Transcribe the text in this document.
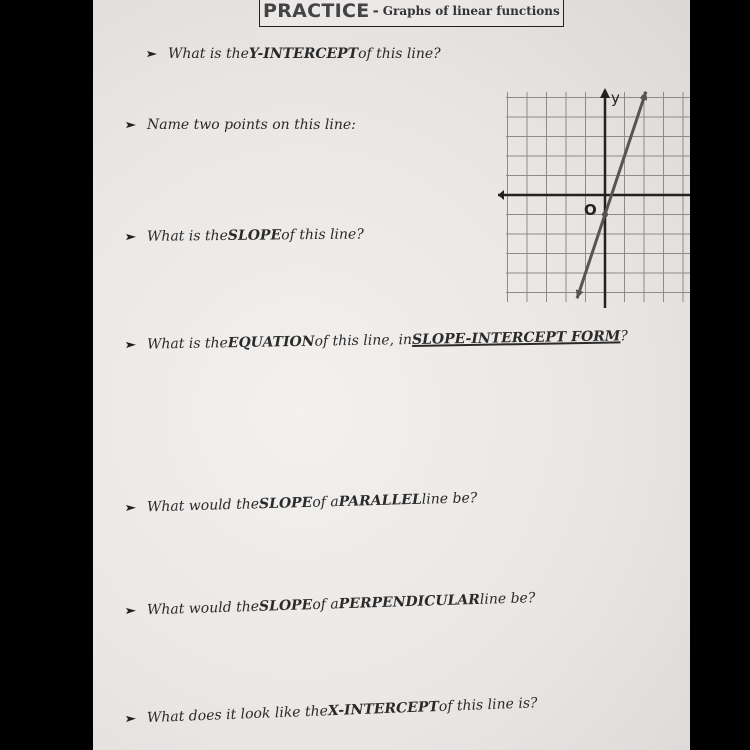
PRACTICE - Graphs of linear functions
What is the Y-INTERCEPT of this line?
Name two points on this line:
What is the SLOPE of this line?
What is the EQUATION of this line, in SLOPE-INTERCEPT FORM ?
What would the SLOPE of a PARALLEL line be?
What would the SLOPE of a PERPENDICULAR line be?
What does it look like the X-INTERCEPT of this line is?
y
O
